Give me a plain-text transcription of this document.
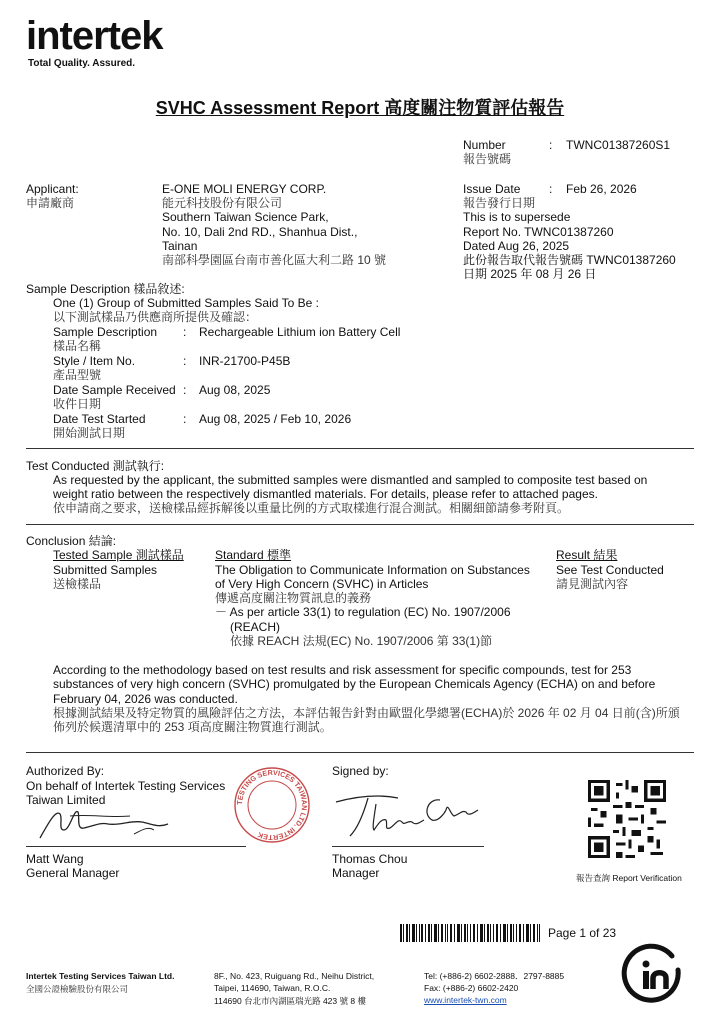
intertek
Total Quality. Assured.
SVHC Assessment Report 高度關注物質評估報告
Number
報告號碼
: TWNC01387260S1
Applicant:
申請廠商
E-ONE MOLI ENERGY CORP.
能元科技股份有限公司
Southern Taiwan Science Park,
No. 10, Dali 2nd RD., Shanhua Dist.,
Tainan
南部科學園區台南市善化區大利二路 10 號
Issue Date
報告發行日期
: Feb 26, 2026
This is to supersede
Report No. TWNC01387260
Dated Aug 26, 2025
此份報告取代報告號碼 TWNC01387260
日期 2025 年 08 月 26 日
Sample Description 樣品敘述:
One (1) Group of Submitted Samples Said To Be :
以下測試樣品乃供應商所提供及確認：
Sample Description
樣品名稱
: Rechargeable Lithium ion Battery Cell
Style / Item No.
產品型號
: INR-21700-P45B
Date Sample Received
收件日期
: Aug 08, 2025
Date Test Started
開始測試日期
: Aug 08, 2025 / Feb 10, 2026
Test Conducted 測試執行:
As requested by the applicant, the submitted samples were dismantled and sampled to composite test based on
weight ratio between the respectively dismantled materials. For details, please refer to attached pages.
依申請商之要求，送檢樣品經拆解後以重量比例的方式取樣進行混合測試。相關細節請參考附頁。
Conclusion 結論:
Tested Sample 測試樣品
Submitted Samples
送檢樣品
Standard 標準
The Obligation to Communicate Information on Substances
of Very High Concern (SVHC) in Articles
傳遞高度關注物質訊息的義務
－ As per article 33(1) to regulation (EC) No. 1907/2006
(REACH)
依據 REACH 法規(EC) No. 1907/2006 第 33(1)節
Result 結果
See Test Conducted
請見測試內容
According to the methodology based on test results and risk assessment for specific compounds, test for 253
substances of very high concern (SVHC) promulgated by the European Chemicals Agency (ECHA) on and before
February 04, 2026 was conducted.
根據測試結果及特定物質的風險評估之方法，本評估報告針對由歐盟化學總署(ECHA)於 2026 年 02 月 04 日前(含)所頒
佈列於候選清單中的 253 項高度關注物質進行測試。
Authorized By:
On behalf of Intertek Testing Services
Taiwan Limited
Matt Wang
General Manager
TESTING SERVICES TAIWAN LTD. INTERTEK
Signed by:
Thomas Chou
Manager	報告查詢 Report Verification
Page 1 of 23
Intertek Testing Services Taiwan Ltd.
全國公證檢驗股份有限公司
8F., No. 423, Ruiguang Rd., Neihu District,
Taipei, 114690, Taiwan, R.O.C.
114690 台北市內湖區瑞光路 423 號 8 樓
Tel: (+886-2) 6602-2888．2797-8885
Fax: (+886-2) 6602-2420
www.intertek-twn.com
